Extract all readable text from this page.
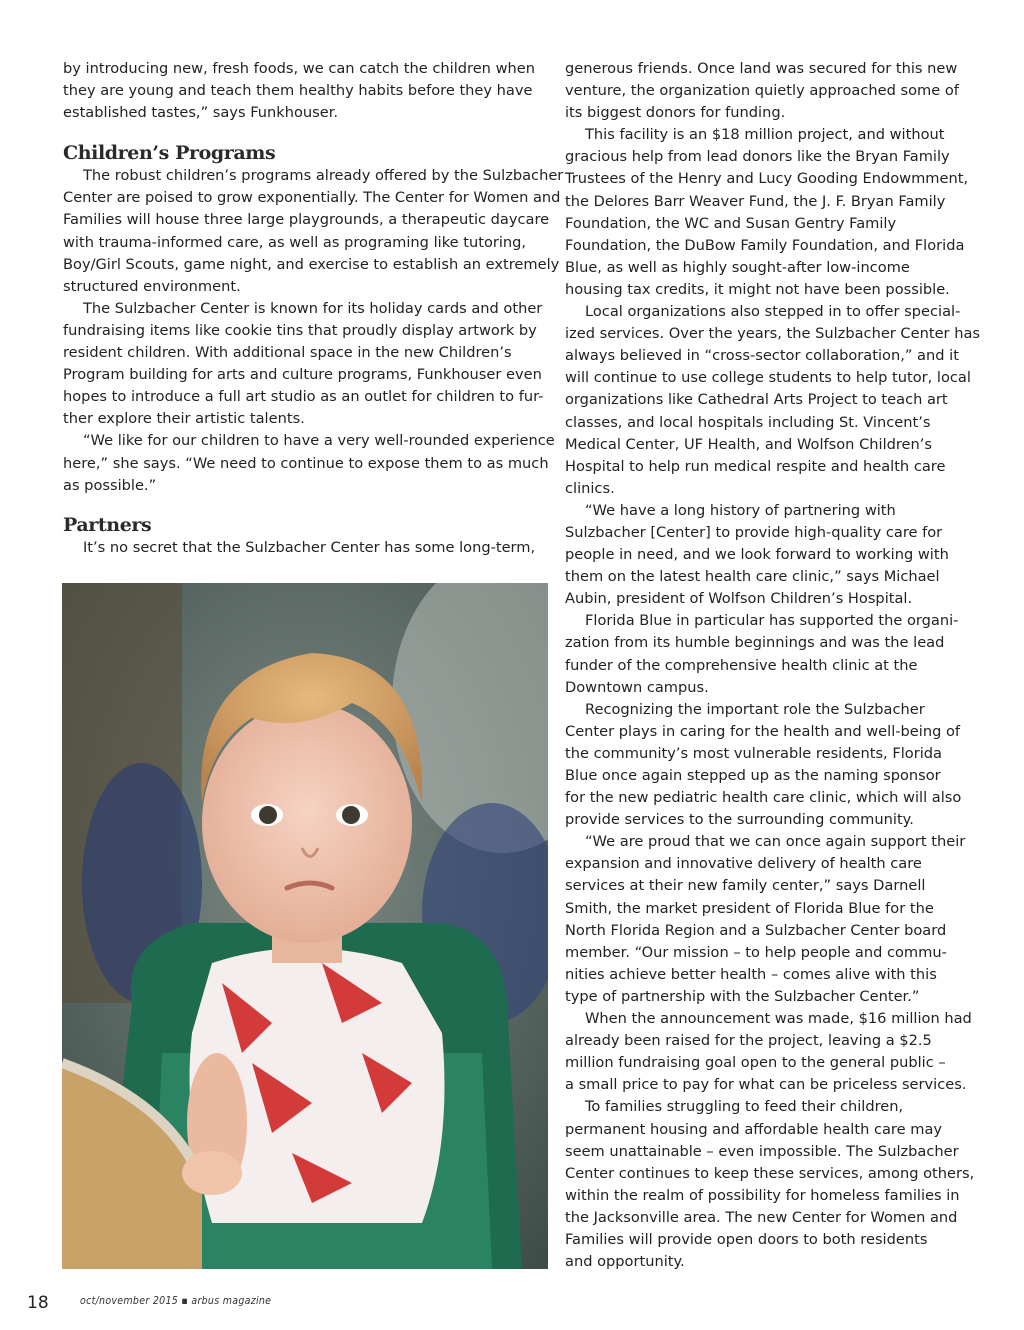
by introducing new, fresh foods, we can catch the children when
they are young and teach them healthy habits before they have
established tastes,” says Funkhouser.
Children’s Programs
The robust children’s programs already offered by the Sulzbacher
Center are poised to grow exponentially. The Center for Women and
Families will house three large playgrounds, a therapeutic daycare
with trauma-informed care, as well as programing like tutoring,
Boy/Girl Scouts, game night, and exercise to establish an extremely
structured environment.
The Sulzbacher Center is known for its holiday cards and other
fundraising items like cookie tins that proudly display artwork by
resident children. With additional space in the new Children’s
Program building for arts and culture programs, Funkhouser even
hopes to introduce a full art studio as an outlet for children to fur-
ther explore their artistic talents.
“We like for our children to have a very well-rounded experience
here,” she says. “We need to continue to expose them to as much
as possible.”
Partners
It’s no secret that the Sulzbacher Center has some long-term,
generous friends. Once land was secured for this new
venture, the organization quietly approached some of
its biggest donors for funding.
This facility is an $18 million project, and without
gracious help from lead donors like the Bryan Family
Trustees of the Henry and Lucy Gooding Endowmment,
the Delores Barr Weaver Fund, the J. F. Bryan Family
Foundation, the WC and Susan Gentry Family
Foundation, the DuBow Family Foundation, and Florida
Blue, as well as highly sought-after low-income
housing tax credits, it might not have been possible.
Local organizations also stepped in to offer special-
ized services. Over the years, the Sulzbacher Center has
always believed in “cross-sector collaboration,” and it
will continue to use college students to help tutor, local
organizations like Cathedral Arts Project to teach art
classes, and local hospitals including St. Vincent’s
Medical Center, UF Health, and Wolfson Children’s
Hospital to help run medical respite and health care
clinics.
“We have a long history of partnering with
Sulzbacher [Center] to provide high-quality care for
people in need, and we look forward to working with
them on the latest health care clinic,” says Michael
Aubin, president of Wolfson Children’s Hospital.
Florida Blue in particular has supported the organi-
zation from its humble beginnings and was the lead
funder of the comprehensive health clinic at the
Downtown campus.
Recognizing the important role the Sulzbacher
Center plays in caring for the health and well-being of
the community’s most vulnerable residents, Florida
Blue once again stepped up as the naming sponsor
for the new pediatric health care clinic, which will also
provide services to the surrounding community.
“We are proud that we can once again support their
expansion and innovative delivery of health care
services at their new family center,” says Darnell
Smith, the market president of Florida Blue for the
North Florida Region and a Sulzbacher Center board
member. “Our mission – to help people and commu-
nities achieve better health – comes alive with this
type of partnership with the Sulzbacher Center.”
When the announcement was made, $16 million had
already been raised for the project, leaving a $2.5
million fundraising goal open to the general public –
a small price to pay for what can be priceless services.
To families struggling to feed their children,
permanent housing and affordable health care may
seem unattainable – even impossible. The Sulzbacher
Center continues to keep these services, among others,
within the realm of possibility for homeless families in
the Jacksonville area. The new Center for Women and
Families will provide open doors to both residents
and opportunity.
18	oct/november 2015 ▪ arbus magazine
